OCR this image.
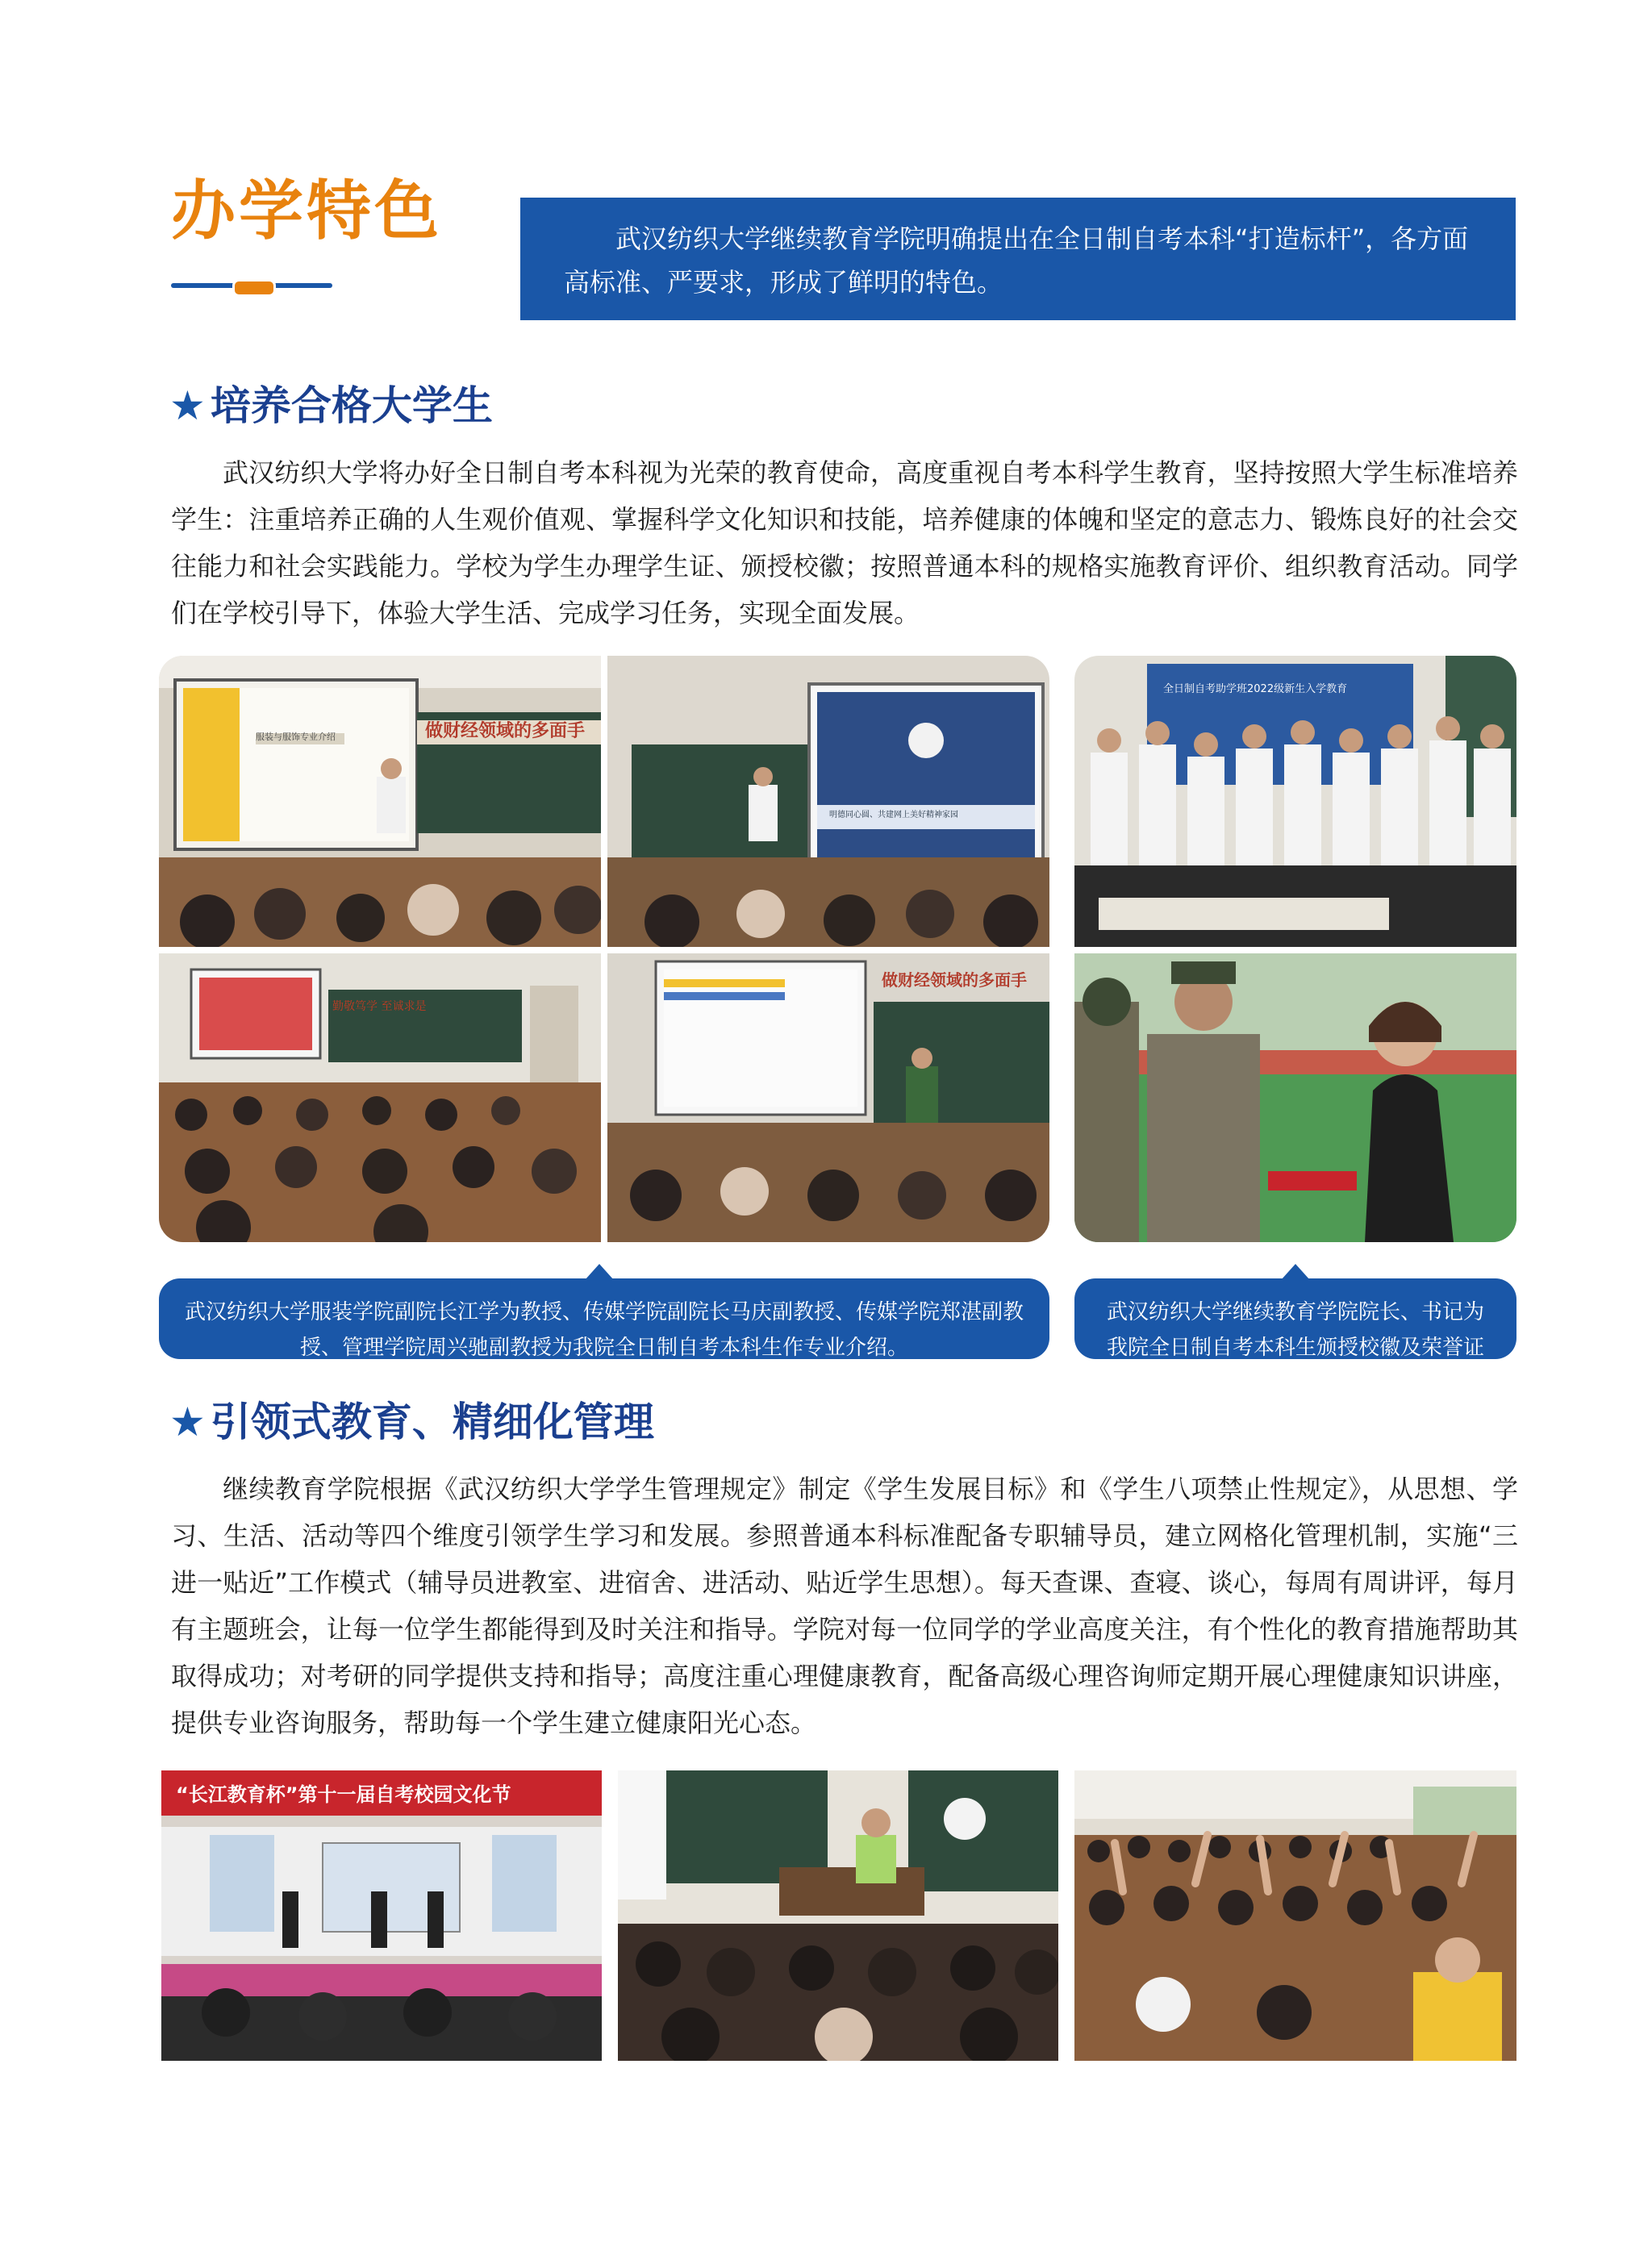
办学特色	武汉纺织大学继续教育学院明确提出在全日制自考本科“打造标杆”，各方面高标准、严要求，形成了鲜明的特色。
★ 培养合格大学生
武汉纺织大学将办好全日制自考本科视为光荣的教育使命，高度重视自考本科学生教育，坚持按照大学生标准培养学生：注重培养正确的人生观价值观、掌握科学文化知识和技能，培养健康的体魄和坚定的意志力、锻炼良好的社会交往能力和社会实践能力。学校为学生办理学生证、颁授校徽；按照普通本科的规格实施教育评价、组织教育活动。同学们在学校引导下，体验大学生活、完成学习任务，实现全面发展。
服装与服饰专业介绍	做财经领域的多面手
明德同心圆、共建网上美好精神家园
勤敬笃学 至诚求是
做财经领域的多面手
全日制自考助学班2022级新生入学教育
武汉纺织大学服装学院副院长江学为教授、传媒学院副院长马庆副教授、传媒学院郑湛副教授、管理学院周兴驰副教授为我院全日制自考本科生作专业介绍。
武汉纺织大学继续教育学院院长、书记为我院全日制自考本科生颁授校徽及荣誉证书。
★ 引领式教育、精细化管理
继续教育学院根据《武汉纺织大学学生管理规定》制定《学生发展目标》和《学生八项禁止性规定》，从思想、学习、生活、活动等四个维度引领学生学习和发展。参照普通本科标准配备专职辅导员，建立网格化管理机制，实施“三进一贴近”工作模式（辅导员进教室、进宿舍、进活动、贴近学生思想）。每天查课、查寝、谈心，每周有周讲评，每月有主题班会，让每一位学生都能得到及时关注和指导。学院对每一位同学的学业高度关注，有个性化的教育措施帮助其取得成功；对考研的同学提供支持和指导；高度注重心理健康教育，配备高级心理咨询师定期开展心理健康知识讲座，提供专业咨询服务，帮助每一个学生建立健康阳光心态。
“长江教育杯”第十一届自考校园文化节
